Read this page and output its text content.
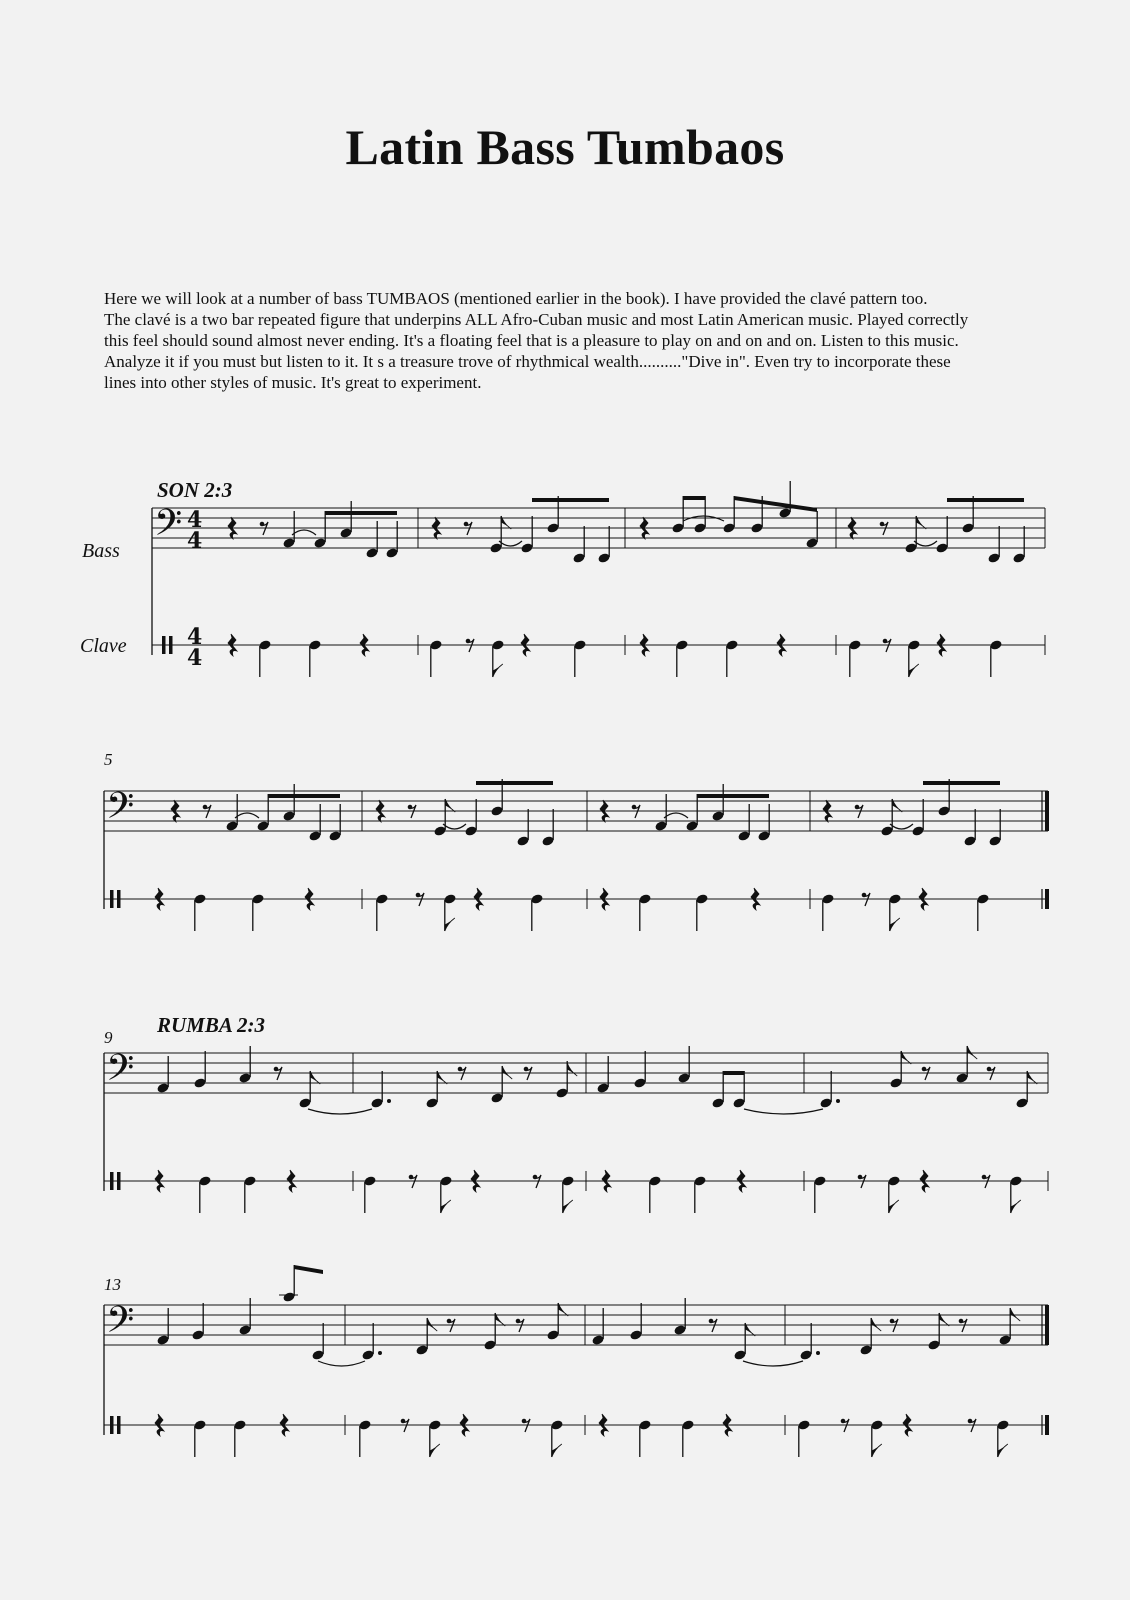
Latin Bass Tumbaos
Here we will look at a number of bass TUMBAOS (mentioned earlier in the book). I have provided the clavé pattern too.
The clavé is a two bar repeated figure that underpins ALL Afro-Cuban music and most Latin American music. Played correctly
this feel should sound almost never ending. It's a floating feel that is a pleasure to play on and on and on. Listen to this music.
Analyze it if you must but listen to it. It s a treasure trove of rhythmical wealth.........."Dive in". Even try to incorporate these
lines into other styles of music. It's great to experiment.
SON 2:3
RUMBA 2:3
Bass
Clave
5
9
13
𝄢 4
4
4
4
𝄢
𝄢
𝄢
